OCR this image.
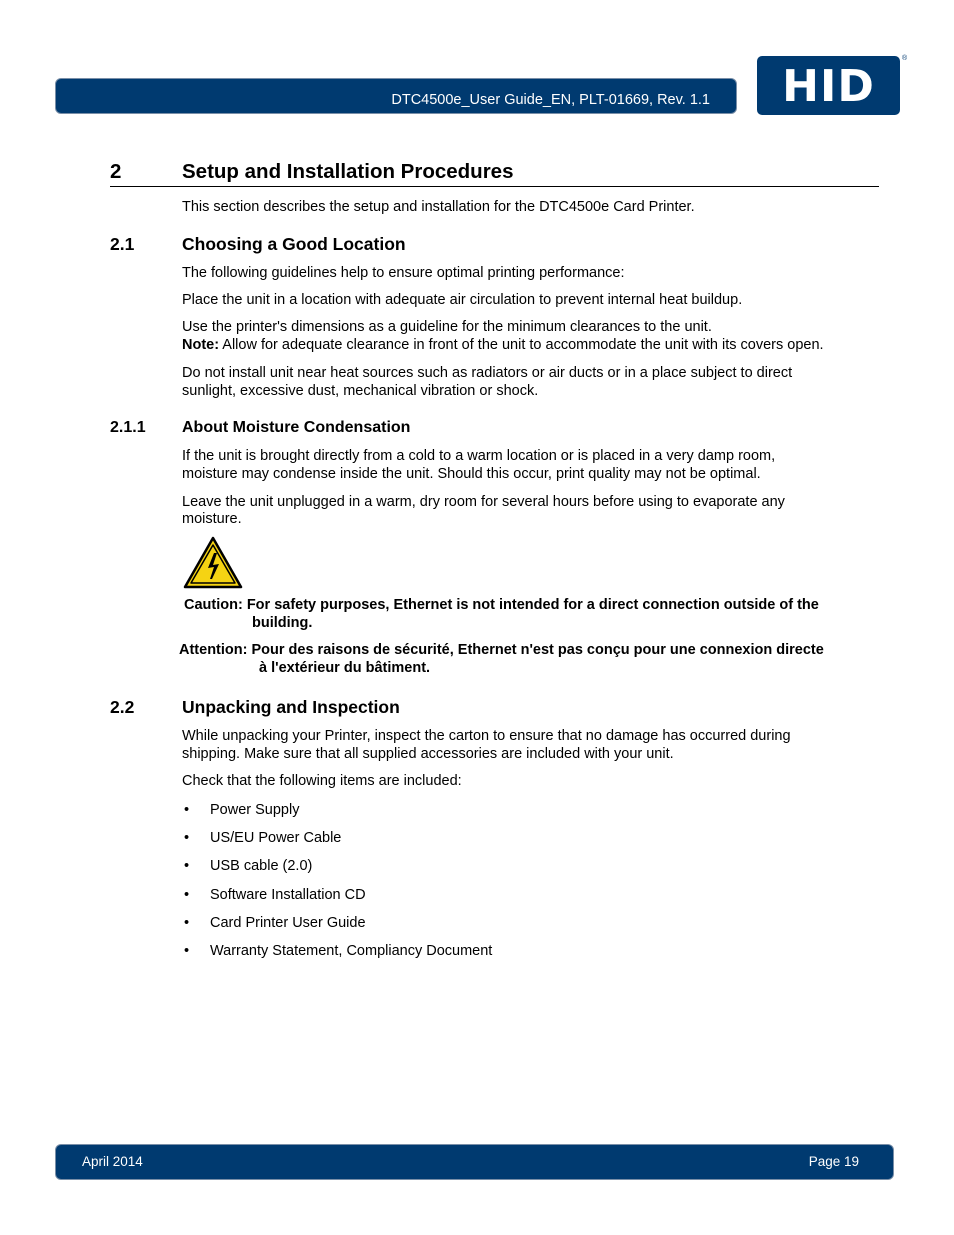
DTC4500e_User Guide_EN, PLT-01669, Rev. 1.1	HID
®
2	Setup and Installation Procedures
This section describes the setup and installation for the DTC4500e Card Printer.
2.1	Choosing a Good Location
The following guidelines help to ensure optimal printing performance:
Place the unit in a location with adequate air circulation to prevent internal heat buildup.
Use the printer's dimensions as a guideline for the minimum clearances to the unit.
Note: Allow for adequate clearance in front of the unit to accommodate the unit with its covers open.
Do not install unit near heat sources such as radiators or air ducts or in a place subject to direct
sunlight, excessive dust, mechanical vibration or shock.
2.1.1 About Moisture Condensation
If the unit is brought directly from a cold to a warm location or is placed in a very damp room,
moisture may condense inside the unit. Should this occur, print quality may not be optimal.
Leave the unit unplugged in a warm, dry room for several hours before using to evaporate any
moisture.
Caution: For safety purposes, Ethernet is not intended for a direct connection outside of the
building.
Attention: Pour des raisons de sécurité, Ethernet n'est pas conçu pour une connexion directe
à l'extérieur du bâtiment.
2.2	Unpacking and Inspection
While unpacking your Printer, inspect the carton to ensure that no damage has occurred during
shipping. Make sure that all supplied accessories are included with your unit.
Check that the following items are included:
• Power Supply
• US/EU Power Cable
• USB cable (2.0)
• Software Installation CD
• Card Printer User Guide
• Warranty Statement, Compliancy Document
April 2014	Page 19
